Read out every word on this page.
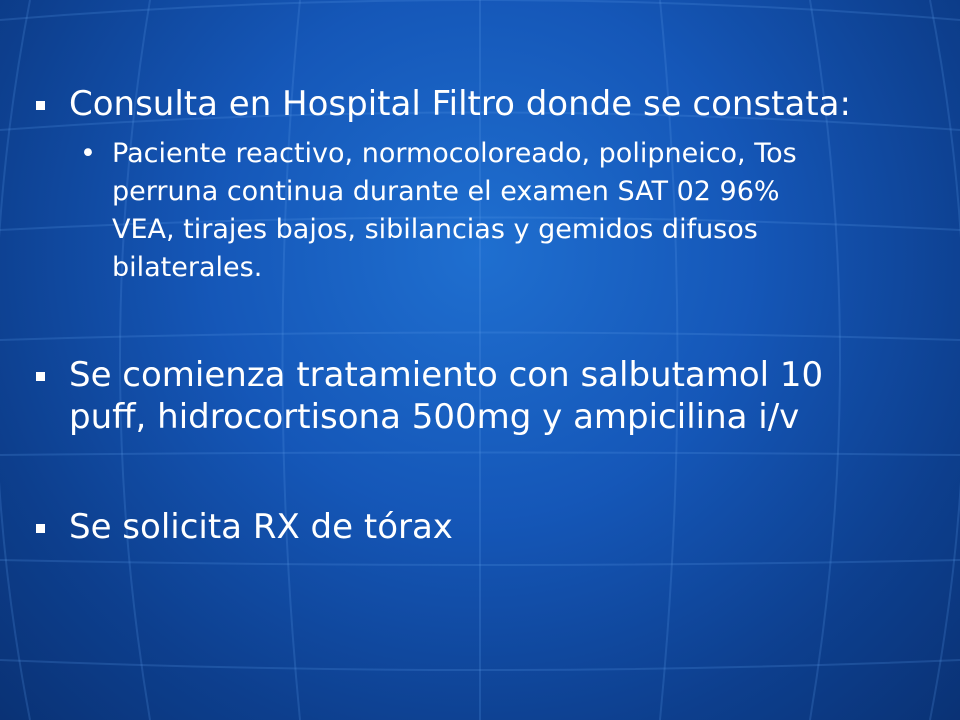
Consulta en Hospital Filtro donde se constata:
• Paciente reactivo, normocoloreado, polipneico, Tos
perruna continua durante el examen SAT 02 96%
VEA, tirajes bajos, sibilancias y gemidos difusos
bilaterales.
Se comienza tratamiento con salbutamol 10
puff, hidrocortisona 500mg y ampicilina i/v
Se solicita RX de tórax
